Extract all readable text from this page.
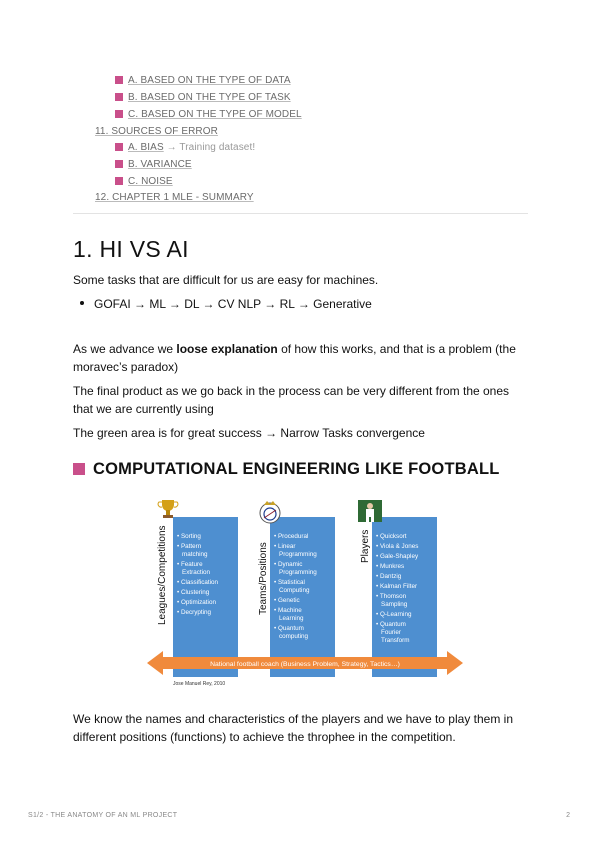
A. BASED ON THE TYPE OF DATA
B. BASED ON THE TYPE OF TASK
C. BASED ON THE TYPE OF MODEL
11. SOURCES OF ERROR
A. BIAS → Training dataset!
B. VARIANCE
C. NOISE
12. CHAPTER 1 MLE - SUMMARY
1. HI VS AI

Some tasks that are difficult for us are easy for machines.

GOFAI → ML → DL → CV NLP → RL → Generative

As we advance we loose explanation of how this works, and that is a problem (the moravec’s paradox)

The final product as we go back in the process can be very different from the ones that we are currently using

The green area is for great success → Narrow Tasks convergence

COMPUTATIONAL ENGINEERING LIKE FOOTBALL
Leagues/Competitions • Sorting • Pattern matching • Feature Extraction • Classification • Clustering • Optimization • Decrypting	Teams/Positions
• Procedural • Linear Programming • Dynamic Programming • Statistical Computing • Genetic • Machine Learning • Quantum computing
Players • Quicksort • Viola & Jones • Gale-Shapley • Munkres • Dantzig • Kalman Filter • Thomson Sampling • Q-Learning • Quantum Fourier Transform
National football coach (Business Problem, Strategy, Tactics…)
Jose Manuel Rey, 2010

We know the names and characteristics of the players and we have to play them in different positions (functions) to achieve the throphee in the competition.

S1/2 - THE ANATOMY OF AN ML PROJECT	2
